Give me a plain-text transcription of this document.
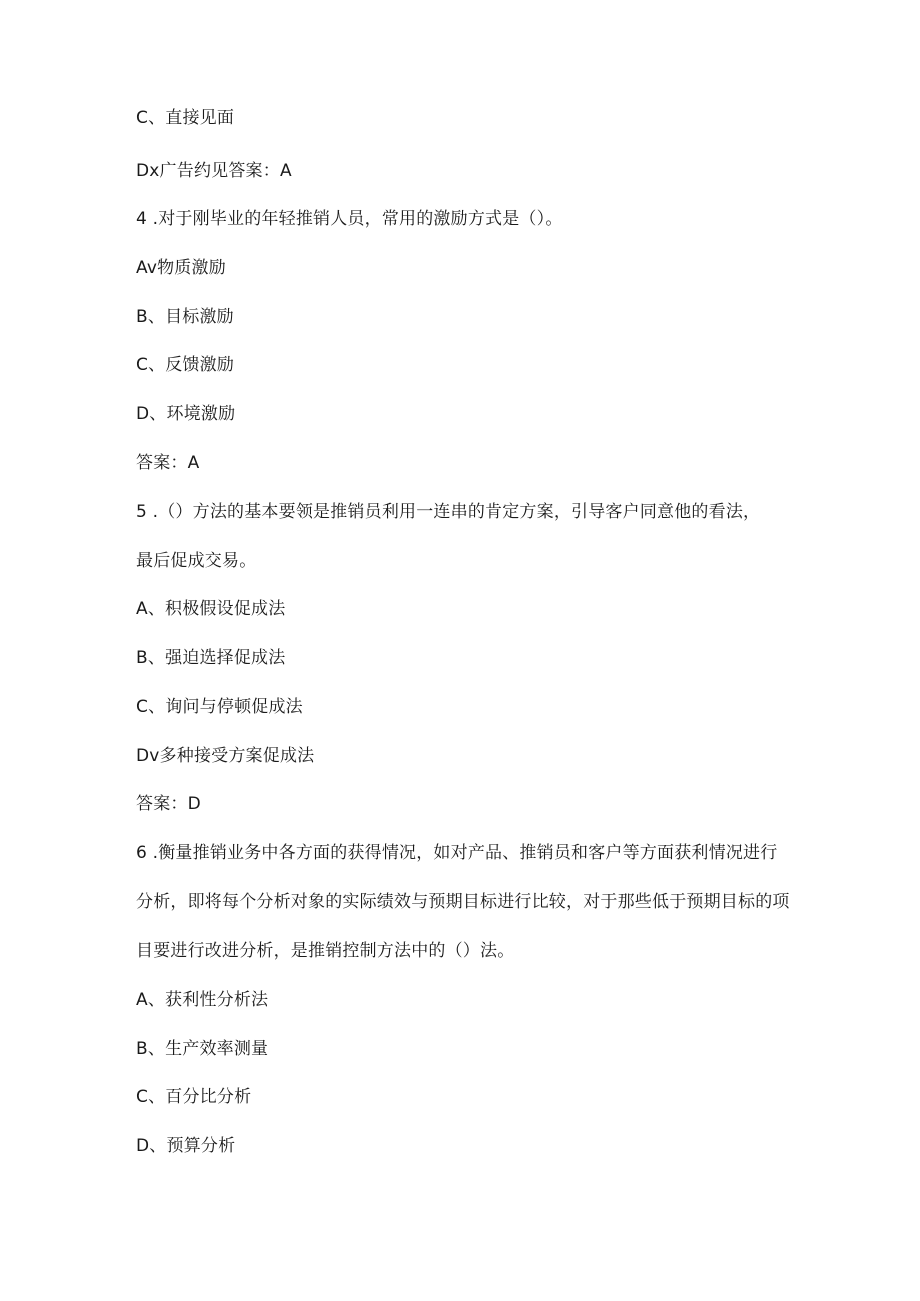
C、直接见面
Dx广告约见答案：A
4 .对于刚毕业的年轻推销人员，常用的激励方式是（）。
Av物质激励
B、目标激励
C、反馈激励
D、环境激励
答案：A
5 .（）方法的基本要领是推销员利用一连串的肯定方案，引导客户同意他的看法，
最后促成交易。
A、积极假设促成法
B、强迫选择促成法
C、询问与停顿促成法
Dv多种接受方案促成法
答案：D
6 .衡量推销业务中各方面的获得情况，如对产品、推销员和客户等方面获利情况进行
分析，即将每个分析对象的实际绩效与预期目标进行比较，对于那些低于预期目标的项
目要进行改进分析，是推销控制方法中的（）法。
A、获利性分析法
B、生产效率测量
C、百分比分析
D、预算分析
